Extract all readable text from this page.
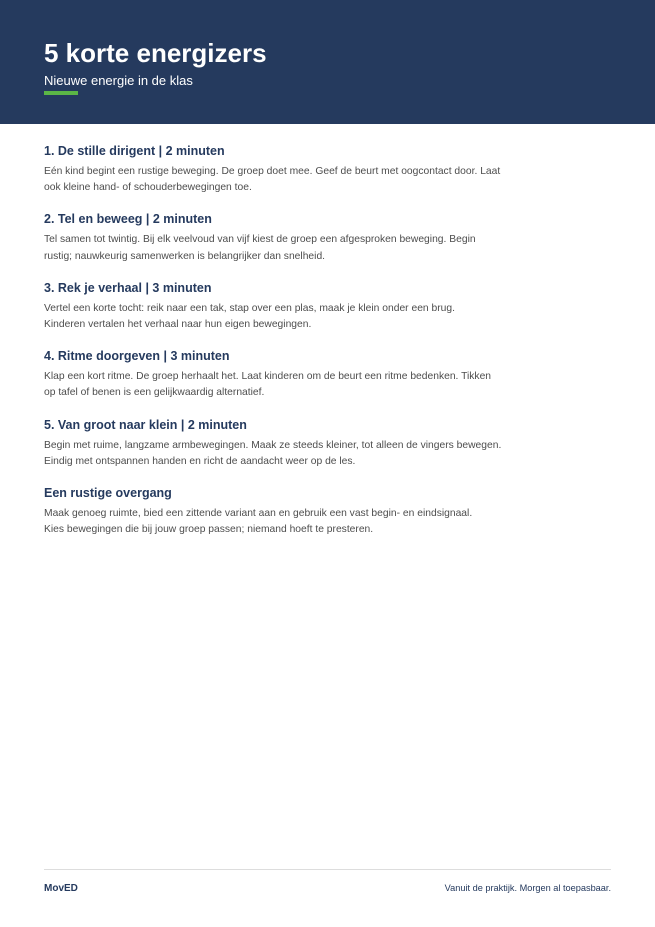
5 korte energizers
Nieuwe energie in de klas
1. De stille dirigent | 2 minuten

Eén kind begint een rustige beweging. De groep doet mee. Geef de beurt met oogcontact door. Laat
ook kleine hand- of schouderbewegingen toe.

2. Tel en beweeg | 2 minuten

Tel samen tot twintig. Bij elk veelvoud van vijf kiest de groep een afgesproken beweging. Begin
rustig; nauwkeurig samenwerken is belangrijker dan snelheid.

3. Rek je verhaal | 3 minuten

Vertel een korte tocht: reik naar een tak, stap over een plas, maak je klein onder een brug.
Kinderen vertalen het verhaal naar hun eigen bewegingen.

4. Ritme doorgeven | 3 minuten

Klap een kort ritme. De groep herhaalt het. Laat kinderen om de beurt een ritme bedenken. Tikken
op tafel of benen is een gelijkwaardig alternatief.

5. Van groot naar klein | 2 minuten

Begin met ruime, langzame armbewegingen. Maak ze steeds kleiner, tot alleen de vingers bewegen.
Eindig met ontspannen handen en richt de aandacht weer op de les.

Een rustige overgang

Maak genoeg ruimte, bied een zittende variant aan en gebruik een vast begin- en eindsignaal.
Kies bewegingen die bij jouw groep passen; niemand hoeft te presteren.

MovED	Vanuit de praktijk. Morgen al toepasbaar.
